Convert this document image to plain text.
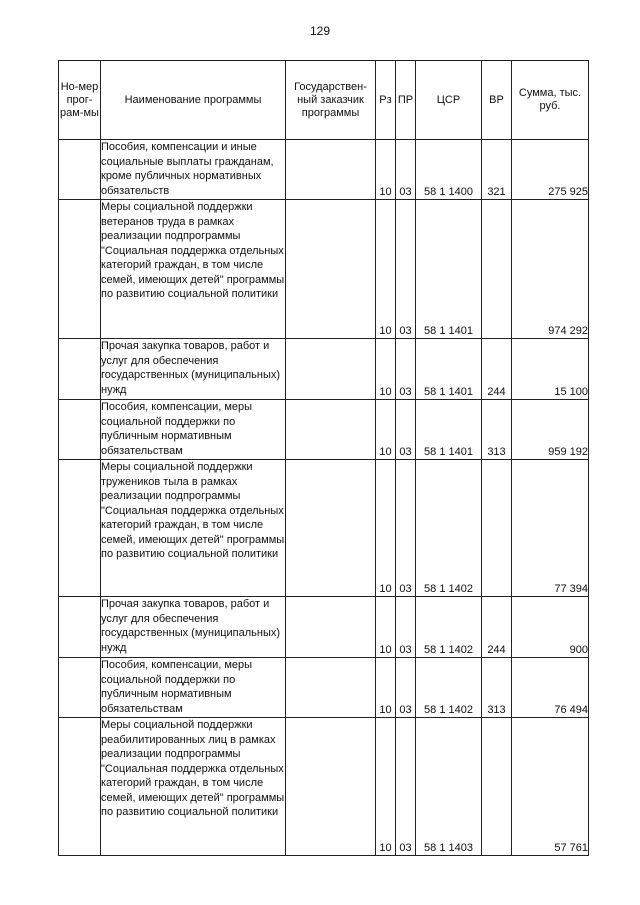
129
Но-мер прог-рам-мы	Наименование программы	Государствен-ный заказчик программы	Рз	ПР	ЦСР	ВР	Сумма, тыс. руб.
	Пособия, компенсации и иные социальные выплаты гражданам, кроме публичных нормативных обязательств		10	03	58 1 1400	321	275 925
	Меры социальной поддержки ветеранов труда в рамках реализации подпрограммы "Социальная поддержка отдельных категорий граждан, в том числе семей, имеющих детей" программы по развитию социальной политики		10	03	58 1 1401		974 292
	Прочая закупка товаров, работ и услуг для обеспечения государственных (муниципальных) нужд		10	03	58 1 1401	244	15 100
	Пособия, компенсации, меры социальной поддержки по публичным нормативным обязательствам		10	03	58 1 1401	313	959 192
	Меры социальной поддержки тружеников тыла в рамках реализации подпрограммы "Социальная поддержка отдельных категорий граждан, в том числе семей, имеющих детей" программы по развитию социальной политики		10	03	58 1 1402		77 394
	Прочая закупка товаров, работ и услуг для обеспечения государственных (муниципальных) нужд		10	03	58 1 1402	244	900
	Пособия, компенсации, меры социальной поддержки по публичным нормативным обязательствам		10	03	58 1 1402	313	76 494
	Меры социальной поддержки реабилитированных лиц в рамках реализации подпрограммы "Социальная поддержка отдельных категорий граждан, в том числе семей, имеющих детей" программы по развитию социальной политики		10	03	58 1 1403		57 761
